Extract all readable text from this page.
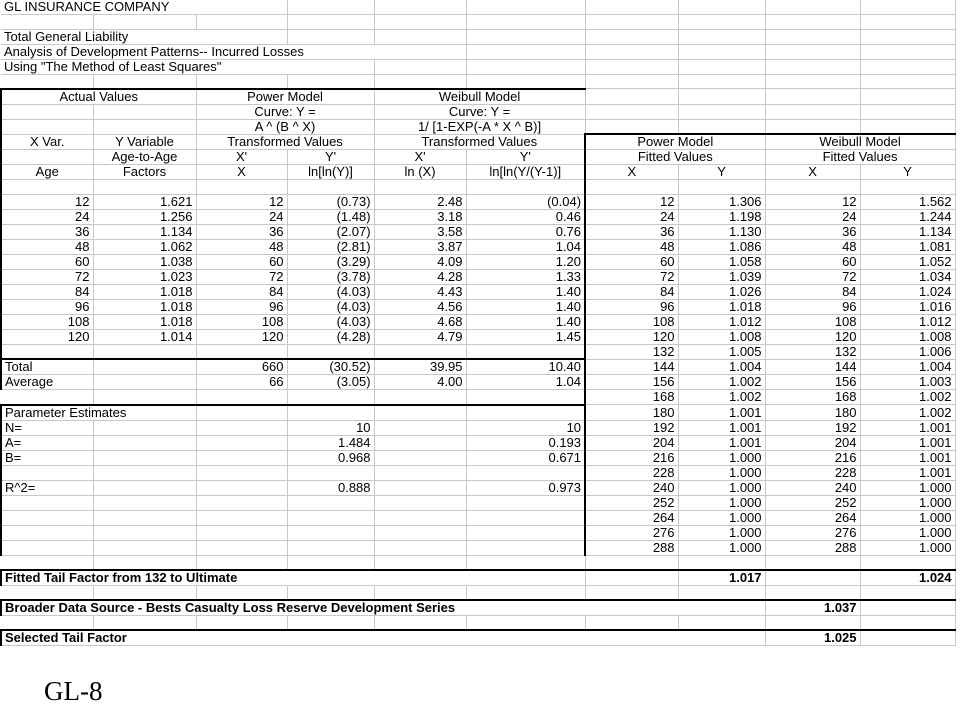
GL INSURANCE COMPANY									

Total General Liability									
Analysis of Development Patterns-- Incurred Losses									
Using "The Method of Least Squares"									

Actual Values		Power Model		Weibull Model					
		Curve: Y =		Curve: Y =					
		A ^ (B ^ X)		1/ [1-EXP(-A * X ^ B)]					
X Var.	Y Variable	Transformed Values		Transformed Values		Power Model		Weibull Model	
	Age-to-Age	X'	Y'	X'	Y'	Fitted Values		Fitted Values	
Age	Factors	X	ln[ln(Y)]	ln (X)	ln[ln(Y/(Y-1)]	X	Y	X	Y

12	1.621	12	(0.73)	2.48	(0.04)	12	1.306	12	1.562
24	1.256	24	(1.48)	3.18	0.46	24	1.198	24	1.244
36	1.134	36	(2.07)	3.58	0.76	36	1.130	36	1.134
48	1.062	48	(2.81)	3.87	1.04	48	1.086	48	1.081
60	1.038	60	(3.29)	4.09	1.20	60	1.058	60	1.052
72	1.023	72	(3.78)	4.28	1.33	72	1.039	72	1.034
84	1.018	84	(4.03)	4.43	1.40	84	1.026	84	1.024
96	1.018	96	(4.03)	4.56	1.40	96	1.018	96	1.016
108	1.018	108	(4.03)	4.68	1.40	108	1.012	108	1.012
120	1.014	120	(4.28)	4.79	1.45	120	1.008	120	1.008
						132	1.005	132	1.006
Total		660	(30.52)	39.95	10.40	144	1.004	144	1.004
Average		66	(3.05)	4.00	1.04	156	1.002	156	1.003
						168	1.002	168	1.002
Parameter Estimates						180	1.001	180	1.002
N=			10		10	192	1.001	192	1.001
A=			1.484		0.193	204	1.001	204	1.001
B=			0.968		0.671	216	1.000	216	1.001
						228	1.000	228	1.001
R^2=			0.888		0.973	240	1.000	240	1.000
						252	1.000	252	1.000
						264	1.000	264	1.000
						276	1.000	276	1.000
						288	1.000	288	1.000

Fitted Tail Factor from 132 to Ultimate							1.017		1.024

Broader Data Source - Bests Casualty Loss Reserve Development Series								1.037	

Selected Tail Factor								1.025	
GL-8
